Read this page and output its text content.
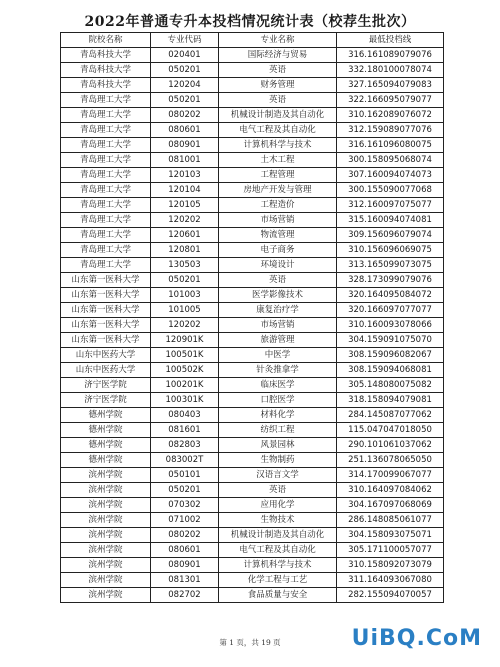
2022年普通专升本投档情况统计表（校荐生批次）
院校名称	专业代码	专业名称	最低投档线
青岛科技大学	020401	国际经济与贸易	316.161089079076
青岛科技大学	050201	英语	332.180100078074
青岛科技大学	120204	财务管理	327.165094079083
青岛理工大学	050201	英语	322.166095079077
青岛理工大学	080202	机械设计制造及其自动化	310.162089076072
青岛理工大学	080601	电气工程及其自动化	312.159089077076
青岛理工大学	080901	计算机科学与技术	316.161096080075
青岛理工大学	081001	土木工程	300.158095068074
青岛理工大学	120103	工程管理	307.160094074073
青岛理工大学	120104	房地产开发与管理	300.155090077068
青岛理工大学	120105	工程造价	312.160097075077
青岛理工大学	120202	市场营销	315.160094074081
青岛理工大学	120601	物流管理	309.156096079074
青岛理工大学	120801	电子商务	310.156096069075
青岛理工大学	130503	环境设计	313.165099073075
山东第一医科大学	050201	英语	328.173099079076
山东第一医科大学	101003	医学影像技术	320.164095084072
山东第一医科大学	101005	康复治疗学	320.166097077077
山东第一医科大学	120202	市场营销	310.160093078066
山东第一医科大学	120901K	旅游管理	304.159091075070
山东中医药大学	100501K	中医学	308.159096082067
山东中医药大学	100502K	针灸推拿学	308.159094068081
济宁医学院	100201K	临床医学	305.148080075082
济宁医学院	100301K	口腔医学	318.158094079081
德州学院	080403	材料化学	284.145087077062
德州学院	081601	纺织工程	115.047047018050
德州学院	082803	风景园林	290.101061037062
德州学院	083002T	生物制药	251.136078065050
滨州学院	050101	汉语言文学	314.170099067077
滨州学院	050201	英语	310.164097084062
滨州学院	070302	应用化学	304.167097068069
滨州学院	071002	生物技术	286.148085061077
滨州学院	080202	机械设计制造及其自动化	304.158093075071
滨州学院	080601	电气工程及其自动化	305.171100057077
滨州学院	080901	计算机科学与技术	310.158092073079
滨州学院	081301	化学工程与工艺	311.164093067080
滨州学院	082702	食品质量与安全	282.155094070057
第 1 页，共 19 页	UiBQ.CoM
